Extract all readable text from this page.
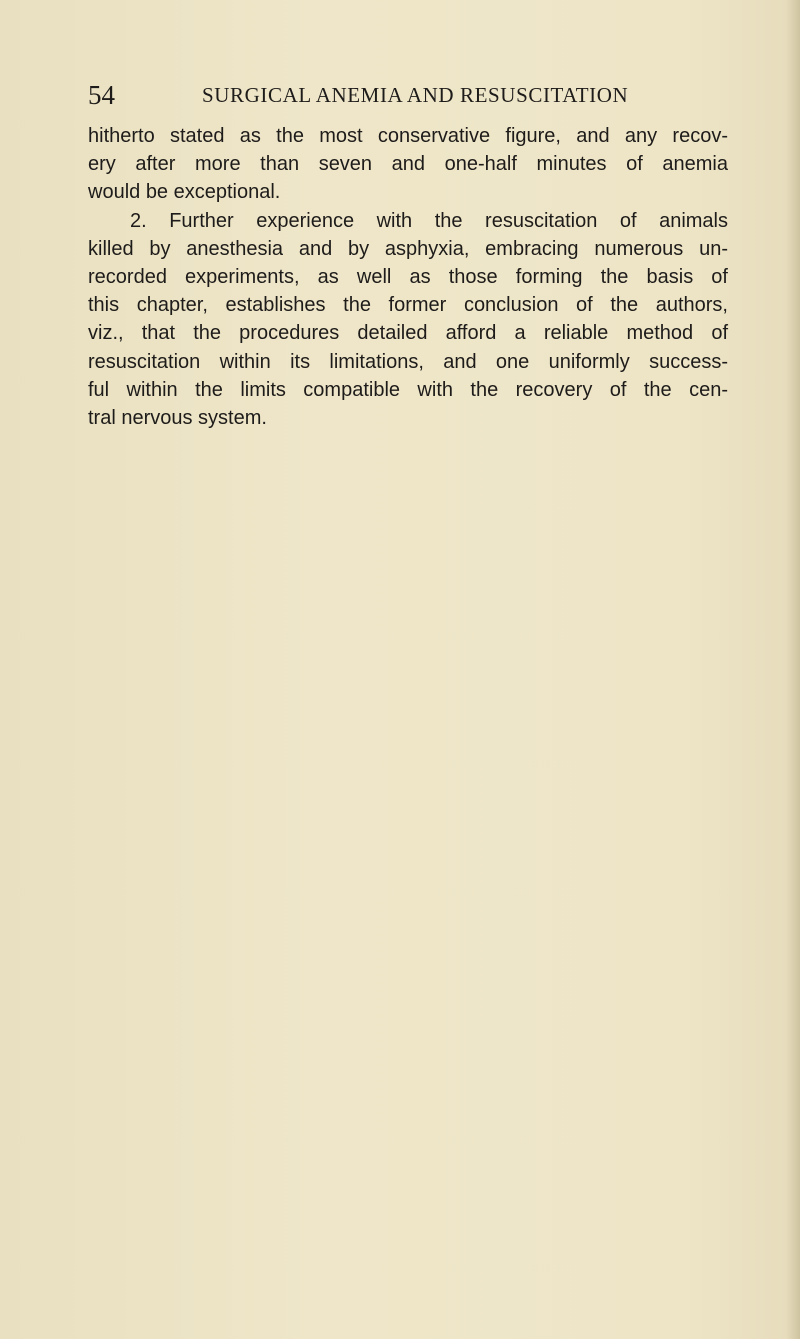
54	SURGICAL ANEMIA AND RESUSCITATION
hitherto stated as the most conservative figure, and any recov-
ery after more than seven and one-half minutes of anemia
would be exceptional.
2. Further experience with the resuscitation of animals
killed by anesthesia and by asphyxia, embracing numerous un-
recorded experiments, as well as those forming the basis of
this chapter, establishes the former conclusion of the authors,
viz., that the procedures detailed afford a reliable method of
resuscitation within its limitations, and one uniformly success-
ful within the limits compatible with the recovery of the cen-
tral nervous system.
